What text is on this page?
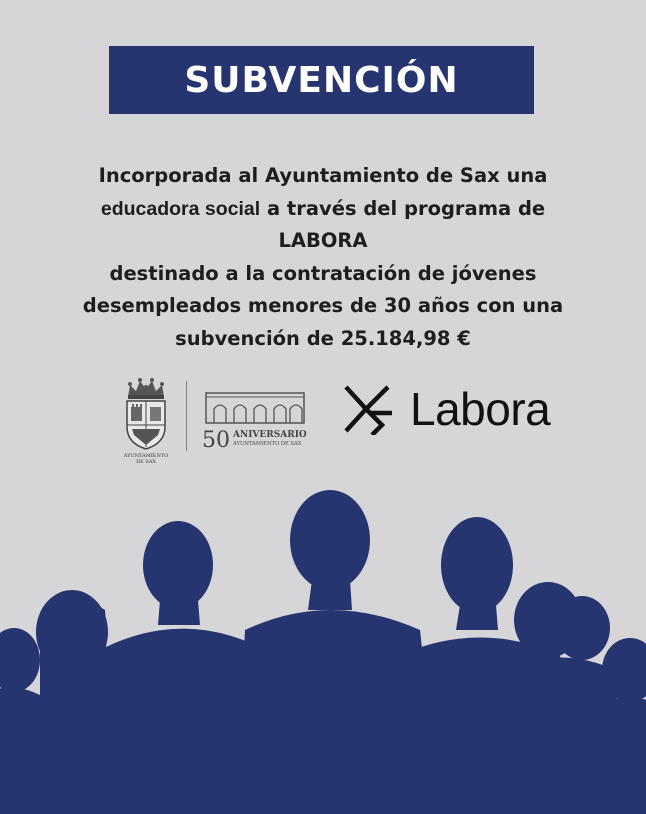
SUBVENCIÓN
Incorporada al Ayuntamiento de Sax una
educadora social a través del programa de LABORA
destinado a la contratación de jóvenes
desempleados menores de 30 años con una
subvención de 25.184,98 €
AYUNTAMIENTO
DE SAX
50 ANIVERSARIO
AYUNTAMIENTO DE SAX
Labora
